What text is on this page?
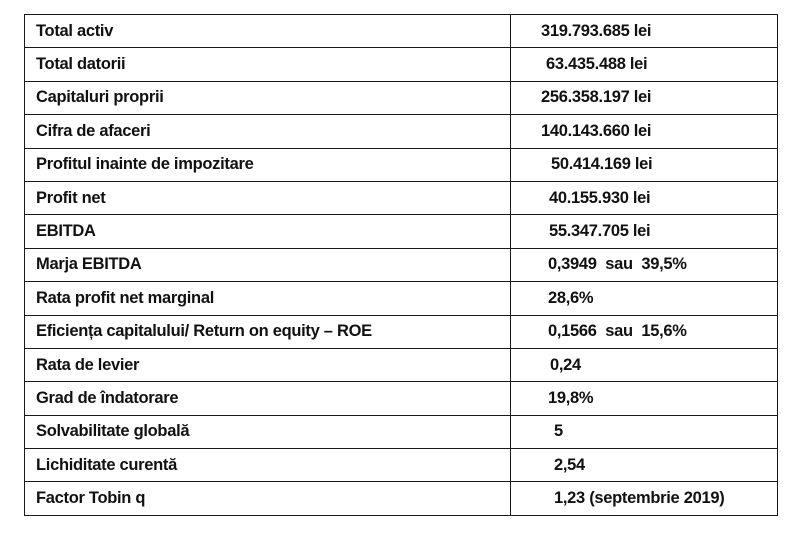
Total activ	319.793.685 lei
Total datorii	63.435.488 lei
Capitaluri proprii	256.358.197 lei
Cifra de afaceri	140.143.660 lei
Profitul inainte de impozitare	50.414.169 lei
Profit net	40.155.930 lei
EBITDA	55.347.705 lei
Marja EBITDA	0,3949  sau  39,5%
Rata profit net marginal	28,6%
Eficiența capitalului/ Return on equity – ROE	0,1566  sau  15,6%
Rata de levier	0,24
Grad de îndatorare	19,8%
Solvabilitate globală	5
Lichiditate curentă	2,54
Factor Tobin q	1,23 (septembrie 2019)
